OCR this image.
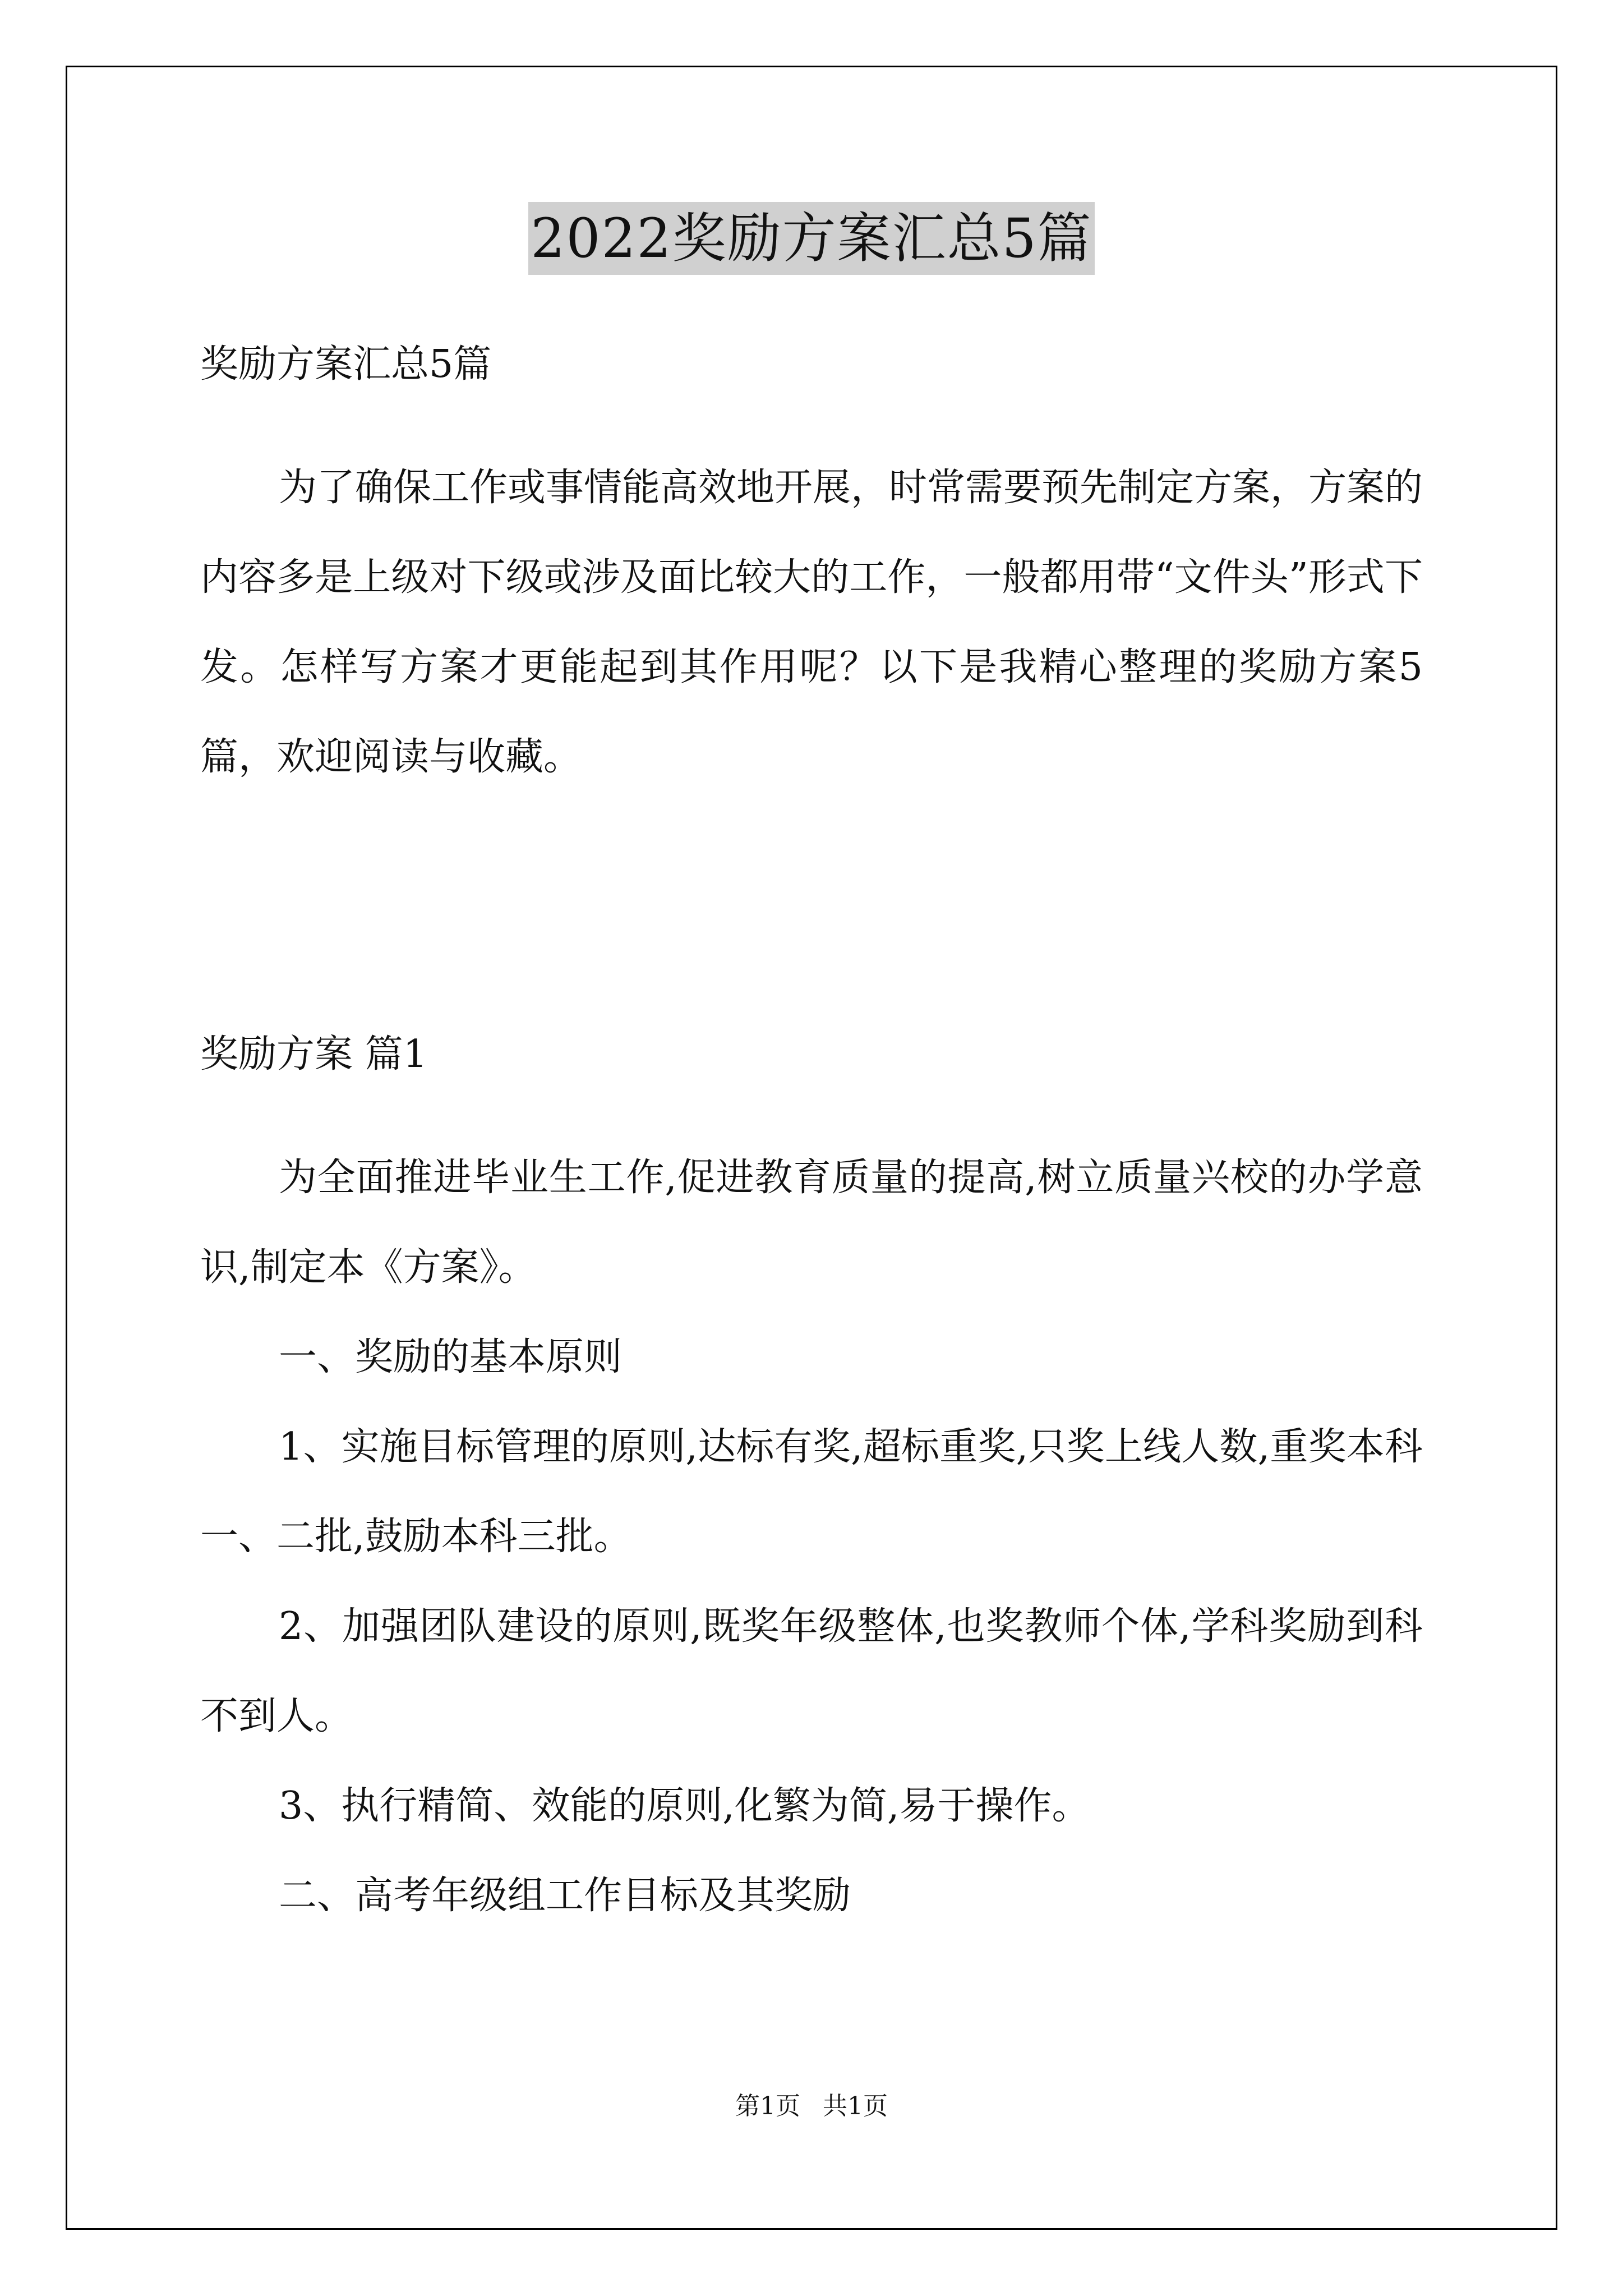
2022奖励方案汇总5篇
奖励方案汇总5篇
为了确保工作或事情能高效地开展，时常需要预先制定方案，方案的内容多是上级对下级或涉及面比较大的工作，一般都用带“文件头”形式下发。怎样写方案才更能起到其作用呢？以下是我精心整理的奖励方案5篇，欢迎阅读与收藏。
奖励方案 篇1
为全面推进毕业生工作,促进教育质量的提高,树立质量兴校的办学意识,制定本《方案》。
一、奖励的基本原则
1、实施目标管理的原则,达标有奖,超标重奖,只奖上线人数,重奖本科一、二批,鼓励本科三批。
2、加强团队建设的原则,既奖年级整体,也奖教师个体,学科奖励到科不到人。
3、执行精简、效能的原则,化繁为简,易于操作。
二、高考年级组工作目标及其奖励
第1页 共1页
